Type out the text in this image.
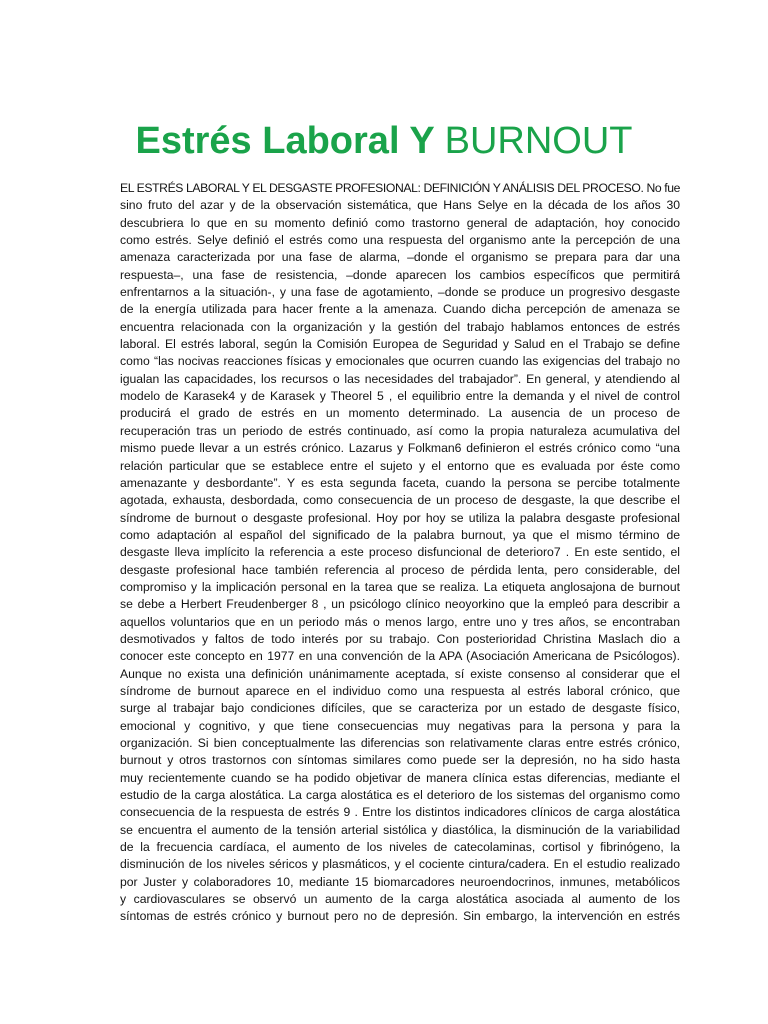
Estrés Laboral Y BURNOUT
EL ESTRÉS LABORAL Y EL DESGASTE PROFESIONAL: DEFINICIÓN Y ANÁLISIS DEL PROCESO. No fue
sino fruto del azar y de la observación sistemática, que Hans Selye en la década de los años 30
descubriera lo que en su momento definió como trastorno general de adaptación, hoy conocido
como estrés. Selye definió el estrés como una respuesta del organismo ante la percepción de una
amenaza caracterizada por una fase de alarma, –donde el organismo se prepara para dar una
respuesta–, una fase de resistencia, –donde aparecen los cambios específicos que permitirá
enfrentarnos a la situación-, y una fase de agotamiento, –donde se produce un progresivo desgaste
de la energía utilizada para hacer frente a la amenaza. Cuando dicha percepción de amenaza se
encuentra relacionada con la organización y la gestión del trabajo hablamos entonces de estrés
laboral. El estrés laboral, según la Comisión Europea de Seguridad y Salud en el Trabajo se define
como “las nocivas reacciones físicas y emocionales que ocurren cuando las exigencias del trabajo no
igualan las capacidades, los recursos o las necesidades del trabajador”. En general, y atendiendo al
modelo de Karasek4 y de Karasek y Theorel 5 , el equilibrio entre la demanda y el nivel de control
producirá el grado de estrés en un momento determinado. La ausencia de un proceso de
recuperación tras un periodo de estrés continuado, así como la propia naturaleza acumulativa del
mismo puede llevar a un estrés crónico. Lazarus y Folkman6 definieron el estrés crónico como “una
relación particular que se establece entre el sujeto y el entorno que es evaluada por éste como
amenazante y desbordante”. Y es esta segunda faceta, cuando la persona se percibe totalmente
agotada, exhausta, desbordada, como consecuencia de un proceso de desgaste, la que describe el
síndrome de burnout o desgaste profesional. Hoy por hoy se utiliza la palabra desgaste profesional
como adaptación al español del significado de la palabra burnout, ya que el mismo término de
desgaste lleva implícito la referencia a este proceso disfuncional de deterioro7 . En este sentido, el
desgaste profesional hace también referencia al proceso de pérdida lenta, pero considerable, del
compromiso y la implicación personal en la tarea que se realiza. La etiqueta anglosajona de burnout
se debe a Herbert Freudenberger 8 , un psicólogo clínico neoyorkino que la empleó para describir a
aquellos voluntarios que en un periodo más o menos largo, entre uno y tres años, se encontraban
desmotivados y faltos de todo interés por su trabajo. Con posterioridad Christina Maslach dio a
conocer este concepto en 1977 en una convención de la APA (Asociación Americana de Psicólogos).
Aunque no exista una definición unánimamente aceptada, sí existe consenso al considerar que el
síndrome de burnout aparece en el individuo como una respuesta al estrés laboral crónico, que
surge al trabajar bajo condiciones difíciles, que se caracteriza por un estado de desgaste físico,
emocional y cognitivo, y que tiene consecuencias muy negativas para la persona y para la
organización. Si bien conceptualmente las diferencias son relativamente claras entre estrés crónico,
burnout y otros trastornos con síntomas similares como puede ser la depresión, no ha sido hasta
muy recientemente cuando se ha podido objetivar de manera clínica estas diferencias, mediante el
estudio de la carga alostática. La carga alostática es el deterioro de los sistemas del organismo como
consecuencia de la respuesta de estrés 9 . Entre los distintos indicadores clínicos de carga alostática
se encuentra el aumento de la tensión arterial sistólica y diastólica, la disminución de la variabilidad
de la frecuencia cardíaca, el aumento de los niveles de catecolaminas, cortisol y fibrinógeno, la
disminución de los niveles séricos y plasmáticos, y el cociente cintura/cadera. En el estudio realizado
por Juster y colaboradores 10, mediante 15 biomarcadores neuroendocrinos, inmunes, metabólicos
y cardiovasculares se observó un aumento de la carga alostática asociada al aumento de los
síntomas de estrés crónico y burnout pero no de depresión. Sin embargo, la intervención en estrés
